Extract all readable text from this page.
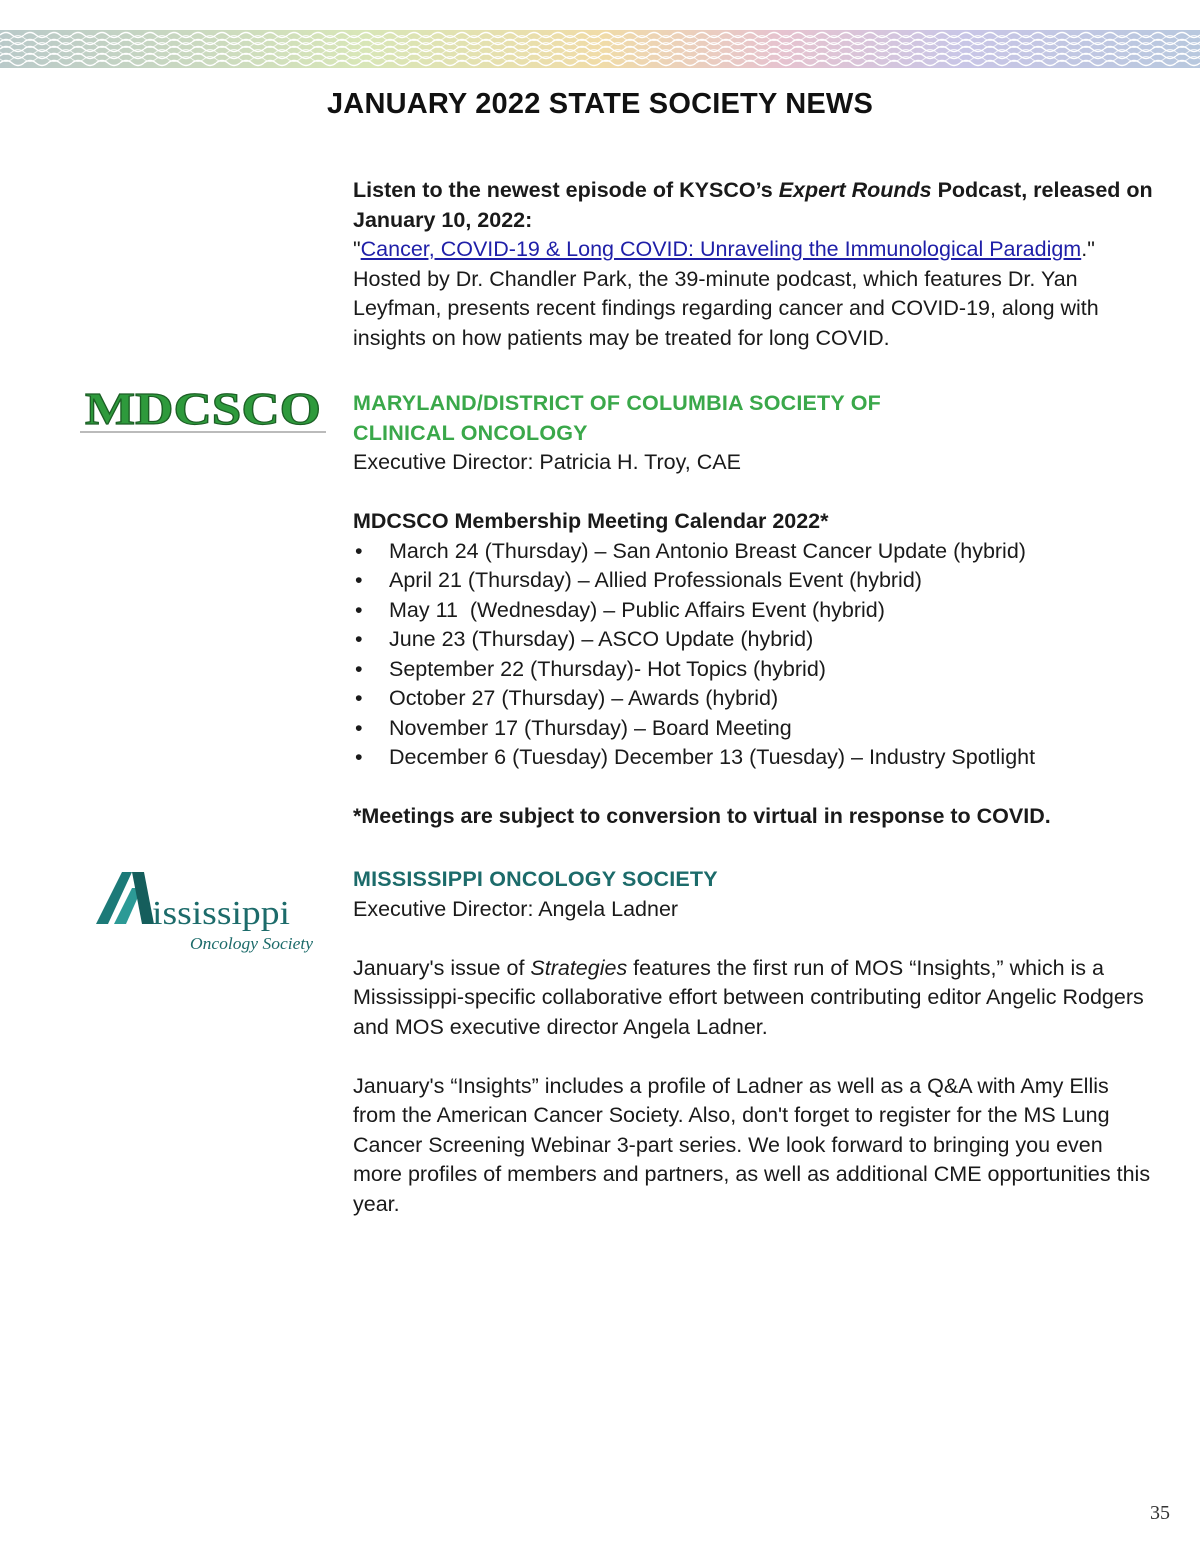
JANUARY 2022 STATE SOCIETY NEWS

Listen to the newest episode of KYSCO’s Expert Rounds Podcast, released on January 10, 2022:

"Cancer, COVID-19 & Long COVID: Unraveling the Immunological Paradigm."

Hosted by Dr. Chandler Park, the 39-minute podcast, which features Dr. Yan Leyfman, presents recent findings regarding cancer and COVID-19, along with insights on how patients may be treated for long COVID.

MDCSCO MARYLAND/DISTRICT OF COLUMBIA SOCIETY OF

CLINICAL ONCOLOGY

Executive Director: Patricia H. Troy, CAE

MDCSCO Membership Meeting Calendar 2022*

• March 24 (Thursday) – San Antonio Breast Cancer Update (hybrid)
• April 21 (Thursday) – Allied Professionals Event (hybrid)
• May 11  (Wednesday) – Public Affairs Event (hybrid)
• June 23 (Thursday) – ASCO Update (hybrid)
• September 22 (Thursday)- Hot Topics (hybrid)
• October 27 (Thursday) – Awards (hybrid)
• November 17 (Thursday) – Board Meeting
• December 6 (Tuesday) December 13 (Tuesday) – Industry Spotlight

*Meetings are subject to conversion to virtual in response to COVID.

ississippi
Oncology Society

MISSISSIPPI ONCOLOGY SOCIETY

Executive Director: Angela Ladner

January's issue of Strategies features the first run of MOS “Insights,” which is a Mississippi-specific collaborative effort between contributing editor Angelic Rodgers and MOS executive director Angela Ladner.

January's “Insights” includes a profile of Ladner as well as a Q&A with Amy Ellis from the American Cancer Society. Also, don't forget to register for the MS Lung Cancer Screening Webinar 3-part series. We look forward to bringing you even more profiles of members and partners, as well as additional CME opportunities this year.

35
